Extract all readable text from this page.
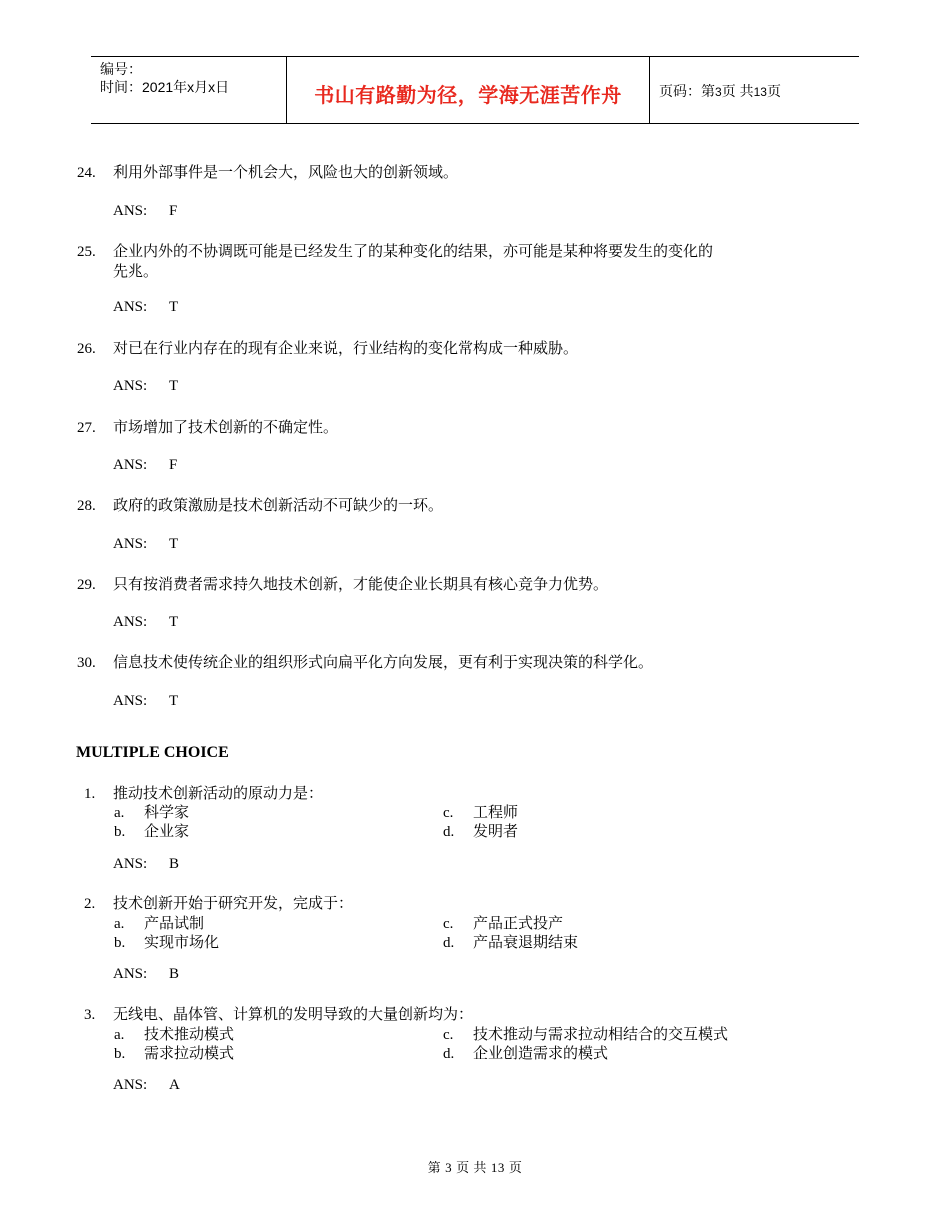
编号：
时间：2021年x月x日	书山有路勤为径，学海无涯苦作舟	页码：第3页 共13页
24. 利用外部事件是一个机会大，风险也大的创新领域。
ANS: F
25. 企业内外的不协调既可能是已经发生了的某种变化的结果，亦可能是某种将要发生的变化的先兆。
ANS: T
26. 对已在行业内存在的现有企业来说，行业结构的变化常构成一种威胁。
ANS: T
27. 市场增加了技术创新的不确定性。
ANS: F
28. 政府的政策激励是技术创新活动不可缺少的一环。
ANS: T
29. 只有按消费者需求持久地技术创新，才能使企业长期具有核心竞争力优势。
ANS: T
30. 信息技术使传统企业的组织形式向扁平化方向发展，更有利于实现决策的科学化。
ANS: T
MULTIPLE CHOICE
1. 推动技术创新活动的原动力是：
a. 科学家
b. 企业家
c. 工程师
d. 发明者
ANS: B
2. 技术创新开始于研究开发，完成于：
a. 产品试制
b. 实现市场化
c. 产品正式投产
d. 产品衰退期结束
ANS: B
3. 无线电、晶体管、计算机的发明导致的大量创新均为：
a. 技术推动模式
b. 需求拉动模式
c. 技术推动与需求拉动相结合的交互模式
d. 企业创造需求的模式
ANS: A
第 3 页 共 13 页
